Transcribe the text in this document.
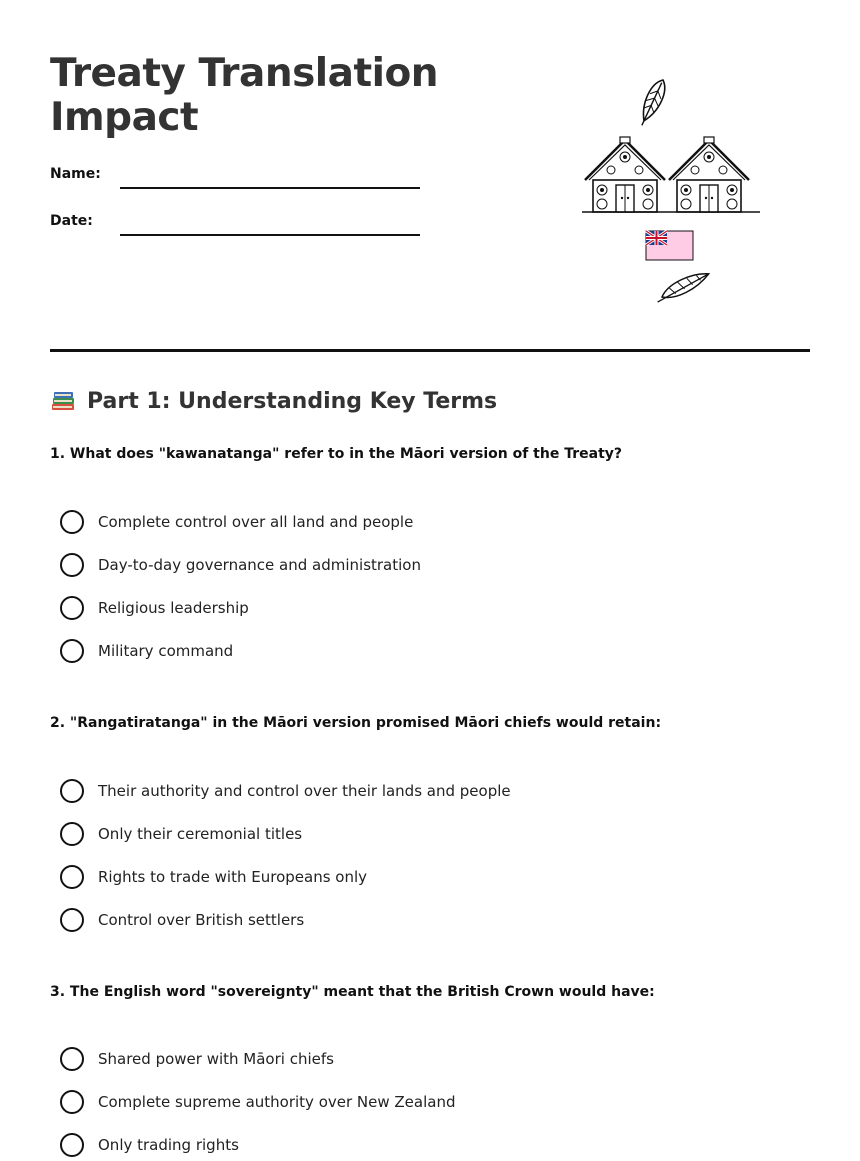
Treaty Translation Impact
Name:
Date:
Part 1: Understanding Key Terms
1. What does "kawanatanga" refer to in the Māori version of the Treaty?
Complete control over all land and people
Day-to-day governance and administration
Religious leadership
Military command
2. "Rangatiratanga" in the Māori version promised Māori chiefs would retain:
Their authority and control over their lands and people
Only their ceremonial titles
Rights to trade with Europeans only
Control over British settlers
3. The English word "sovereignty" meant that the British Crown would have:
Shared power with Māori chiefs
Complete supreme authority over New Zealand
Only trading rights
